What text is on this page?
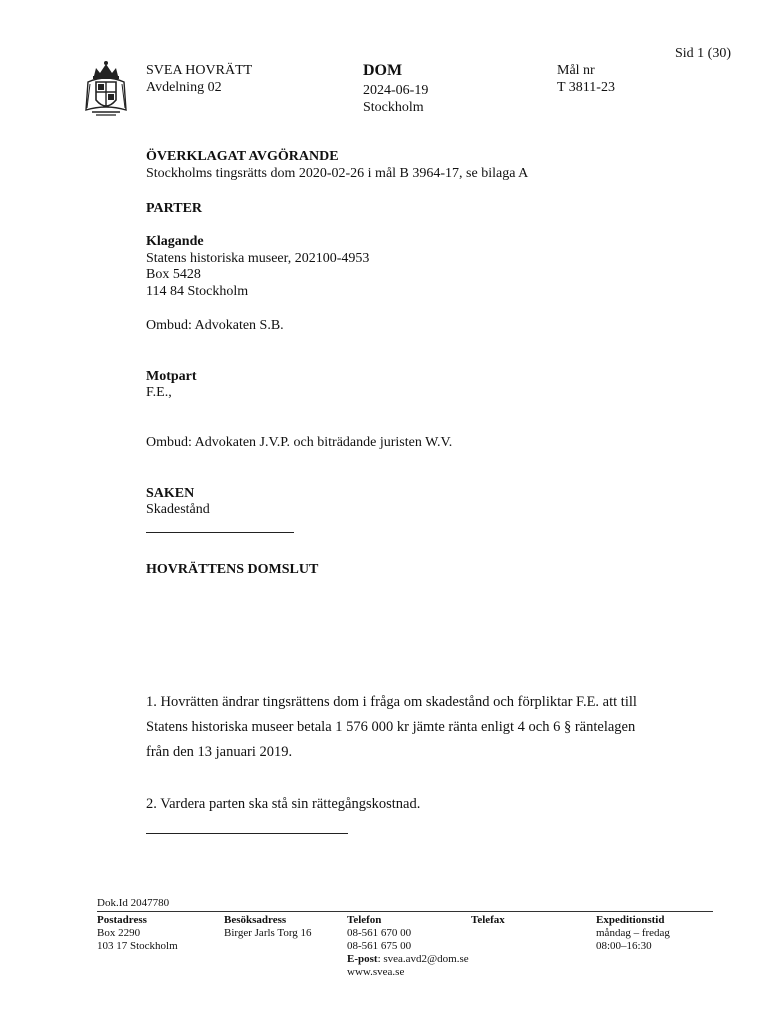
Sid 1 (30)
SVEA HOVRÄTT
Avdelning 02
DOM
2024-06-19
Stockholm
Mål nr
T 3811-23
ÖVERKLAGAT AVGÖRANDE
Stockholms tingsrätts dom 2020-02-26 i mål B 3964-17, se bilaga A
PARTER
Klagande
Statens historiska museer, 202100-4953
Box 5428
114 84 Stockholm
Ombud: Advokaten S.B.
Motpart
F.E.,
Ombud: Advokaten J.V.P. och biträdande juristen W.V.
SAKEN
Skadestånd
HOVRÄTTENS DOMSLUT
1. Hovrätten ändrar tingsrättens dom i fråga om skadestånd och förpliktar F.E. att till
Statens historiska museer betala 1 576 000 kr jämte ränta enligt 4 och 6 § räntelagen
från den 13 januari 2019.
2. Vardera parten ska stå sin rättegångskostnad.
Dok.Id 2047780
Postadress
Box 2290
103 17 Stockholm
Besöksadress
Birger Jarls Torg 16
Telefon
08-561 670 00
08-561 675 00
E-post: svea.avd2@dom.se
www.svea.se
Telefax	Expeditionstid
måndag – fredag
08:00–16:30
